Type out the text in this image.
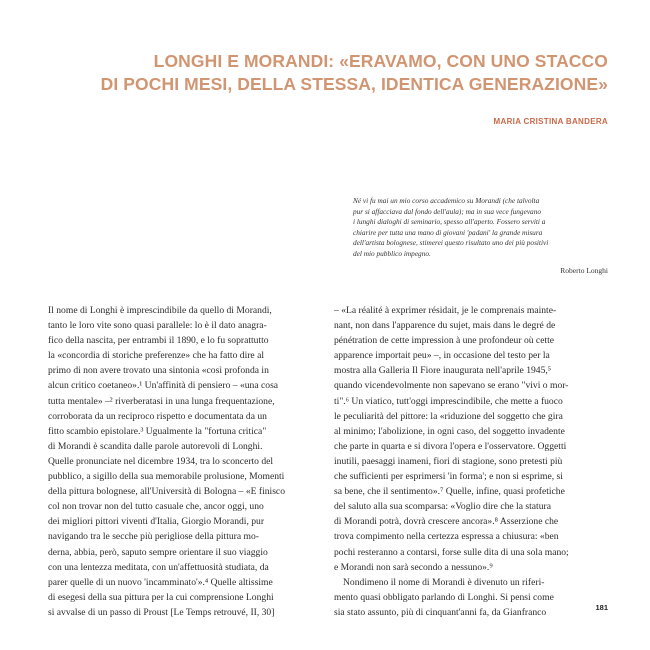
LONGHI E MORANDI: «ERAVAMO, CON UNO STACCO
DI POCHI MESI, DELLA STESSA, IDENTICA GENERAZIONE»
MARIA CRISTINA BANDERA
Né vi fu mai un mio corso accademico su Morandi (che talvolta
pur si affacciava dal fondo dell'aula); ma in sua vece fungevano
i lunghi dialoghi di seminario, spesso all'aperto. Fossero serviti a
chiarire per tutta una mano di giovani 'padani' la grande misura
dell'artista bolognese, stimerei questo risultato uno dei più positivi
del mio pubblico impegno.
Roberto Longhi
Il nome di Longhi è imprescindibile da quello di Morandi,
tanto le loro vite sono quasi parallele: lo è il dato anagra-
fico della nascita, per entrambi il 1890, e lo fu soprattutto
la «concordia di storiche preferenze» che ha fatto dire al
primo di non avere trovato una sintonia «così profonda in
alcun critico coetaneo».¹ Un'affinità di pensiero – «una cosa
tutta mentale» –² riverberatasi in una lunga frequentazione,
corroborata da un reciproco rispetto e documentata da un
fitto scambio epistolare.³ Ugualmente la "fortuna critica"
di Morandi è scandita dalle parole autorevoli di Longhi.
Quelle pronunciate nel dicembre 1934, tra lo sconcerto del
pubblico, a sigillo della sua memorabile prolusione, Momenti
della pittura bolognese, all'Università di Bologna – «E finisco
col non trovar non del tutto casuale che, ancor oggi, uno
dei migliori pittori viventi d'Italia, Giorgio Morandi, pur
navigando tra le secche più perigliose della pittura mo-
derna, abbia, però, saputo sempre orientare il suo viaggio
con una lentezza meditata, con un'affettuosità studiata, da
parer quelle di un nuovo 'incamminato'».⁴ Quelle altissime
di esegesi della sua pittura per la cui comprensione Longhi
si avvalse di un passo di Proust [Le Temps retrouvé, II, 30]
– «La réalité à exprimer résidait, je le comprenais mainte-
nant, non dans l'apparence du sujet, mais dans le degré de
pénétration de cette impression à une profondeur où cette
apparence importait peu» –, in occasione del testo per la
mostra alla Galleria Il Fiore inaugurata nell'aprile 1945,⁵
quando vicendevolmente non sapevano se erano "vivi o mor-
ti".⁶ Un viatico, tutt'oggi imprescindibile, che mette a fuoco
le peculiarità del pittore: la «riduzione del soggetto che gira
al minimo; l'abolizione, in ogni caso, del soggetto invadente
che parte in quarta e si divora l'opera e l'osservatore. Oggetti
inutili, paesaggi inameni, fiori di stagione, sono pretesti più
che sufficienti per esprimersi 'in forma'; e non si esprime, si
sa bene, che il sentimento».⁷ Quelle, infine, quasi profetiche
del saluto alla sua scomparsa: «Voglio dire che la statura
di Morandi potrà, dovrà crescere ancora».⁸ Asserzione che
trova compimento nella certezza espressa a chiusura: «ben
pochi resteranno a contarsi, forse sulle dita di una sola mano;
e Morandi non sarà secondo a nessuno».⁹
Nondimeno il nome di Morandi è divenuto un riferi-
mento quasi obbligato parlando di Longhi. Si pensi come
sia stato assunto, più di cinquant'anni fa, da Gianfranco	181
